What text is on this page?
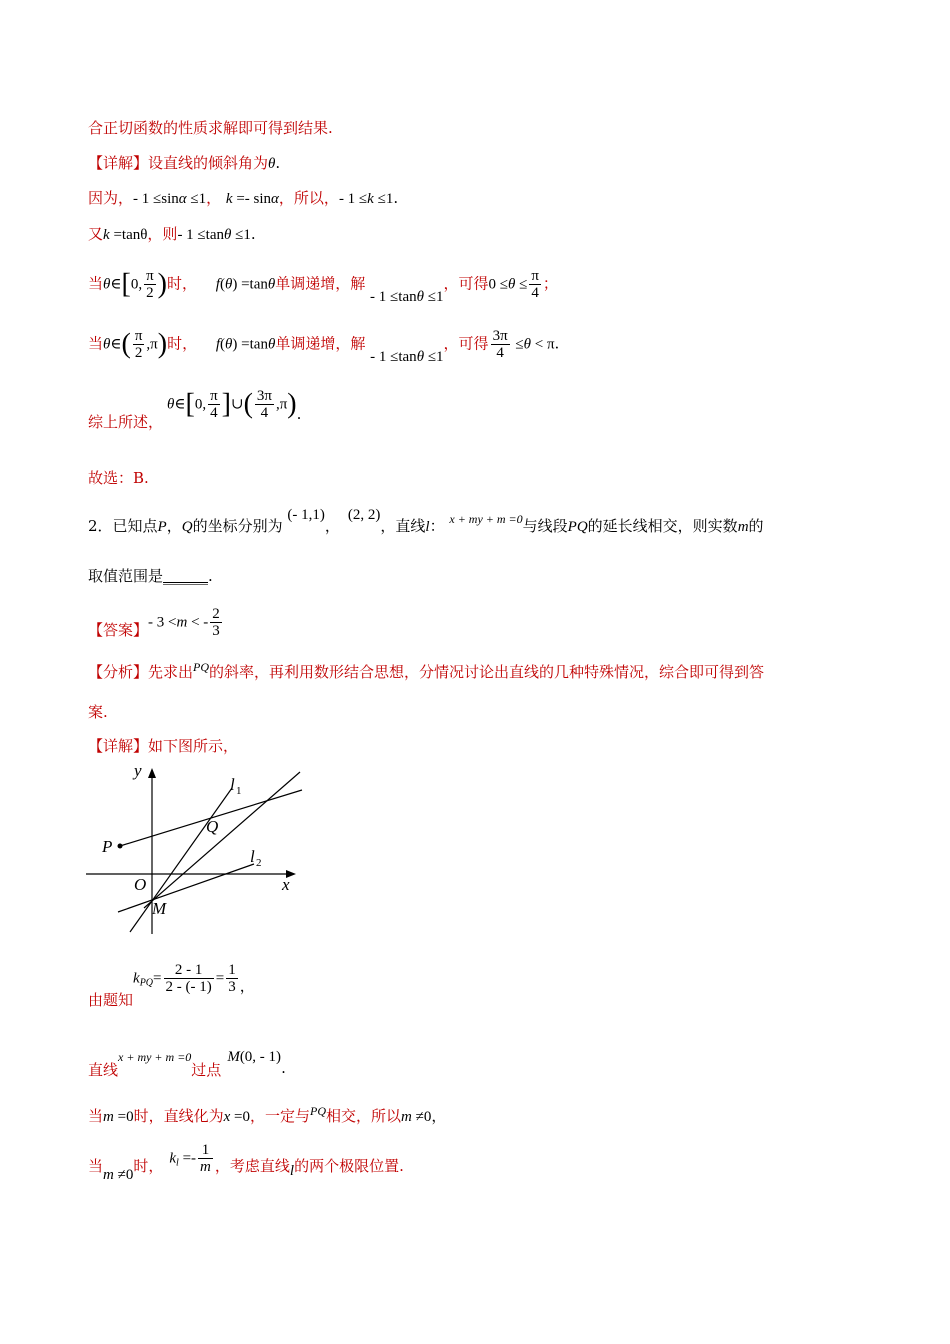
合正切函数的性质求解即可得到结果.
【详解】设直线的倾斜角为θ.
因为，- 1 ≤sinα ≤1， k =- sinα，所以，- 1 ≤k ≤1.
又k =tanθ，则- 1 ≤tanθ ≤1.
当θ∈[0, $\frac{\pi}{2}$ )时， f(θ) =tanθ单调递增，解 - 1 ≤tanθ ≤1，可得$0 \le\theta \le \frac{\pi}{4}$ ；
当θ∈( $\frac{\pi}{2} ,\pi$)时， f(θ) =tanθ单调递增，解 - 1 ≤tanθ ≤1，可得 $\frac{3\pi}{4} \le\theta < \pi$.
综上所述，θ∈[0, $\frac{\pi}{4}$ ]∪( $\frac{3\pi}{4} ,\pi$).
故选：B.
2．已知点P，Q的坐标分别为 (- 1,1)，(2, 2)，直线l： $^{x + my + m =0}$与线段PQ的延长线相交，则实数m的
取值范围是______.
【答案】- 3 <m < - $\frac{2}{3}$
【分析】先求出$^{PQ}$的斜率，再利用数形结合思想，分情况讨论出直线的几种特殊情况，综合即可得到答
案.
【详解】如下图所示，
y
x
O
P
Q
M
l 1
l 2
由题知$k_{PQ}= \frac{2 - 1}{2 - (- 1)} = \frac{1}{3}$ ，
直线x + my + m =0过点M(0, - 1).
当m =0时，直线化为x =0，一定与$^{PQ}$相交，所以m ≠0，
当m ≠0时， $k_l =- \frac{1}{m}$ ，考虑直线l的两个极限位置.
